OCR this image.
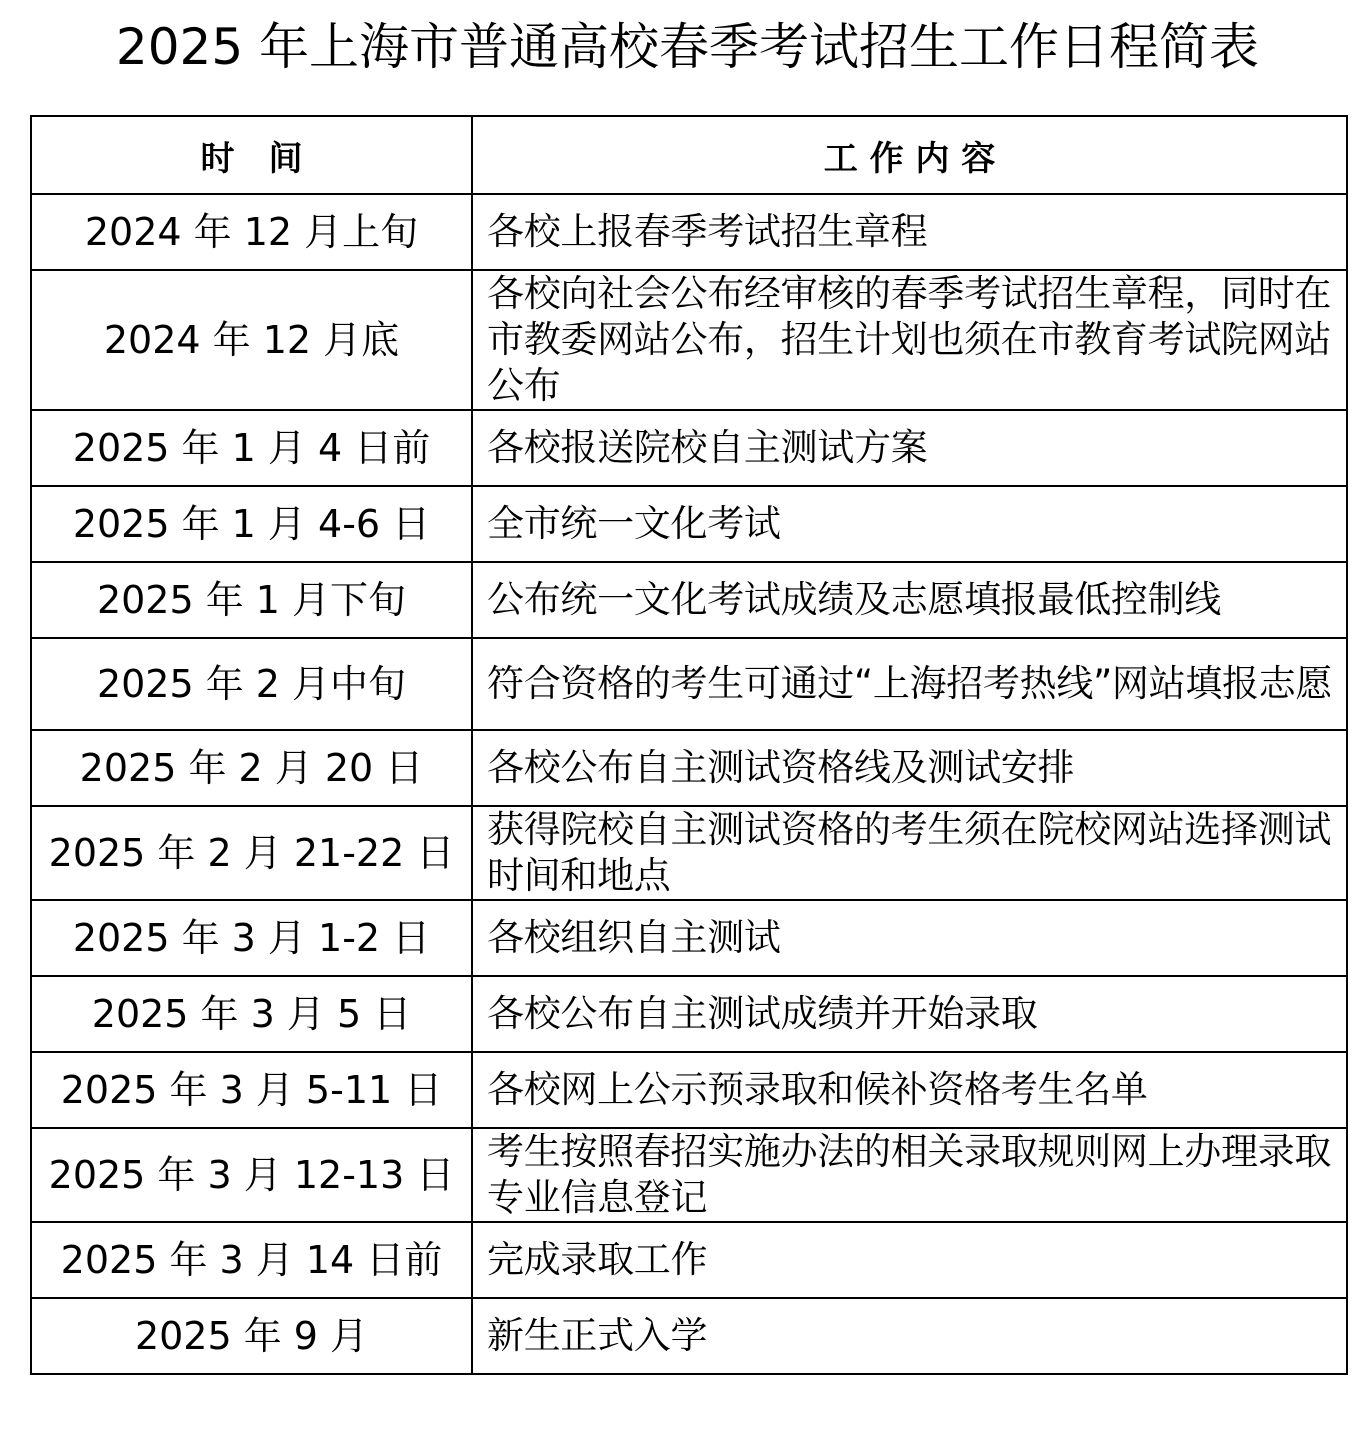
2025 年上海市普通高校春季考试招生工作日程简表
时　间	工 作 内 容
2024 年 12 月上旬	各校上报春季考试招生章程
2024 年 12 月底	各校向社会公布经审核的春季考试招生章程，同时在市教委网站公布，招生计划也须在市教育考试院网站公布
2025 年 1 月 4 日前	各校报送院校自主测试方案
2025 年 1 月 4-6 日	全市统一文化考试
2025 年 1 月下旬	公布统一文化考试成绩及志愿填报最低控制线
2025 年 2 月中旬	符合资格的考生可通过“上海招考热线”网站填报志愿
2025 年 2 月 20 日	各校公布自主测试资格线及测试安排
2025 年 2 月 21-22 日	获得院校自主测试资格的考生须在院校网站选择测试时间和地点
2025 年 3 月 1-2 日	各校组织自主测试
2025 年 3 月 5 日	各校公布自主测试成绩并开始录取
2025 年 3 月 5-11 日	各校网上公示预录取和候补资格考生名单
2025 年 3 月 12-13 日	考生按照春招实施办法的相关录取规则网上办理录取专业信息登记
2025 年 3 月 14 日前	完成录取工作
2025 年 9 月	新生正式入学
